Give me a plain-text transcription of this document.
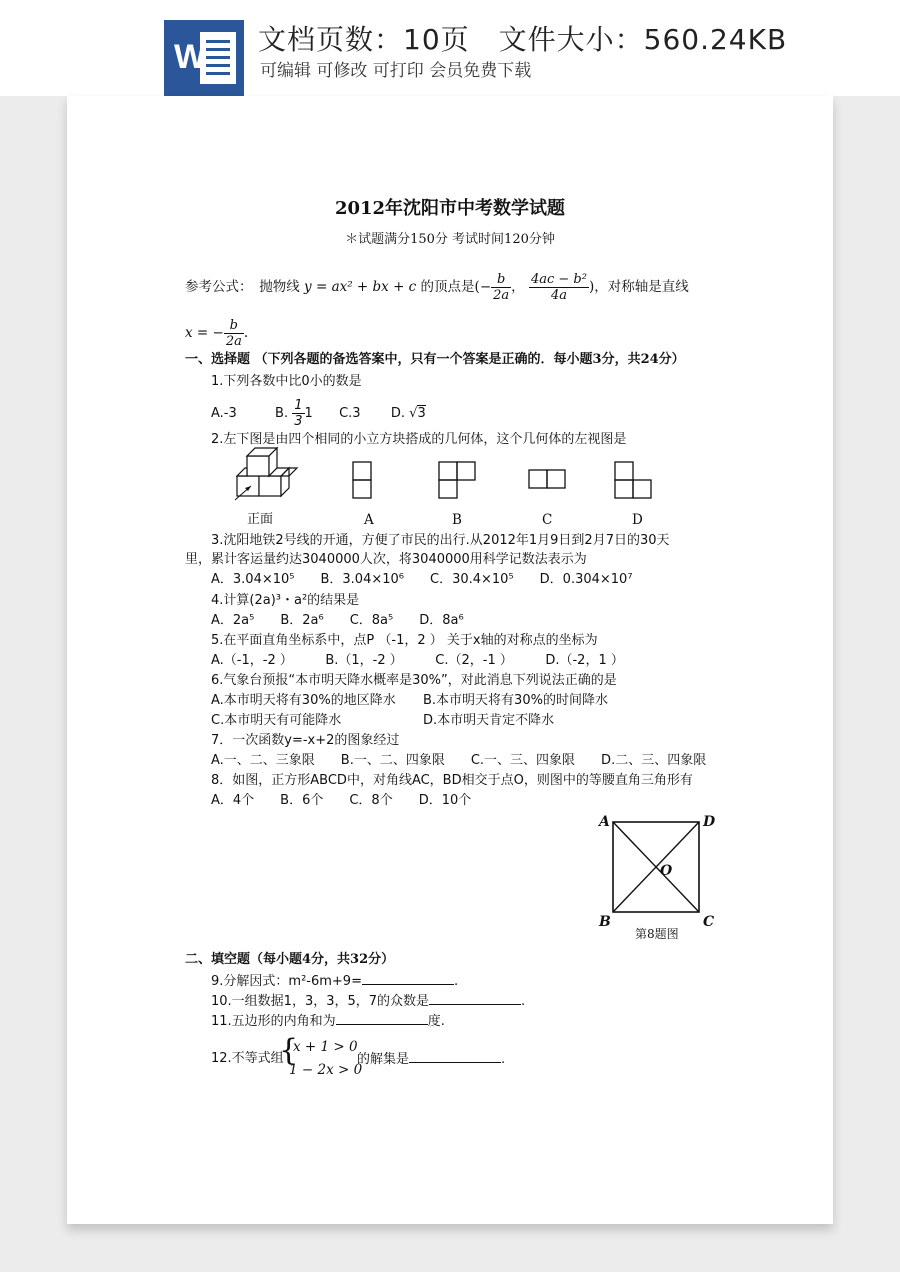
W 文档页数：10页　文件大小：560.24KB
可编辑 可修改 可打印 会员免费下载
2012年沈阳市中考数学试题
＊试题满分150分 考试时间120分钟
参考公式：　抛物线 y = ax² + bx + c 的顶点是(− $\frac{b}{2a}$ ， $\frac{\text{4ac − b²}}{4a}$ )，对称轴是直线
x = − $\frac{b}{2a}$ .
一、选择题 （下列各题的备选答案中，只有一个答案是正确的．每小题3分，共24分）
1.下列各数中比0小的数是
A.-3	B. $\frac{1}{3} 1$ C.3 D. √3
2.左下图是由四个相同的小立方块搭成的几何体，这个几何体的左视图是
正面	A	B	C	D
3.沈阳地铁2号线的开通，方便了市民的出行.从2012年1月9日到2月7日的30天
里，累计客运量约达3040000人次，将3040000用科学记数法表示为
A．3.04×10⁵　　B．3.04×10⁶　　C．30.4×10⁵　　D．0.304×10⁷
4.计算(2a)³・a²的结果是
A．2a⁵　　B．2a⁶　　C．8a⁵　　D．8a⁶
5.在平面直角坐标系中，点P （-1，2 ） 关于x轴的对称点的坐标为
A.（-1，-2 ）　　　B.（1，-2 ）　　　C.（2，-1 ）　　　D.（-2，1 ）
6.气象台预报“本市明天降水概率是30%”，对此消息下列说法正确的是
A.本市明天将有30%的地区降水 B.本市明天将有30%的时间降水
C.本市明天有可能降水	D.本市明天肯定不降水
7．一次函数y=-x+2的图象经过
A.一、二、三象限　　B.一、二、四象限　　C.一、三、四象限　　D.二、三、四象限
8．如图，正方形ABCD中，对角线AC，BD相交于点O，则图中的等腰直角三角形有
A．4个　　B．6个　　C．8个　　D．10个
A	D
B	C
O
第8题图
二、填空题（每小题4分，共32分）
9.分解因式：m²-6m+9=	.
10.一组数据1，3，3，5，7的众数是	.
11.五边形的内角和为	度.
12.不等式组
{
x + 1 > 0
1 − 2x > 0
的解集是	.
